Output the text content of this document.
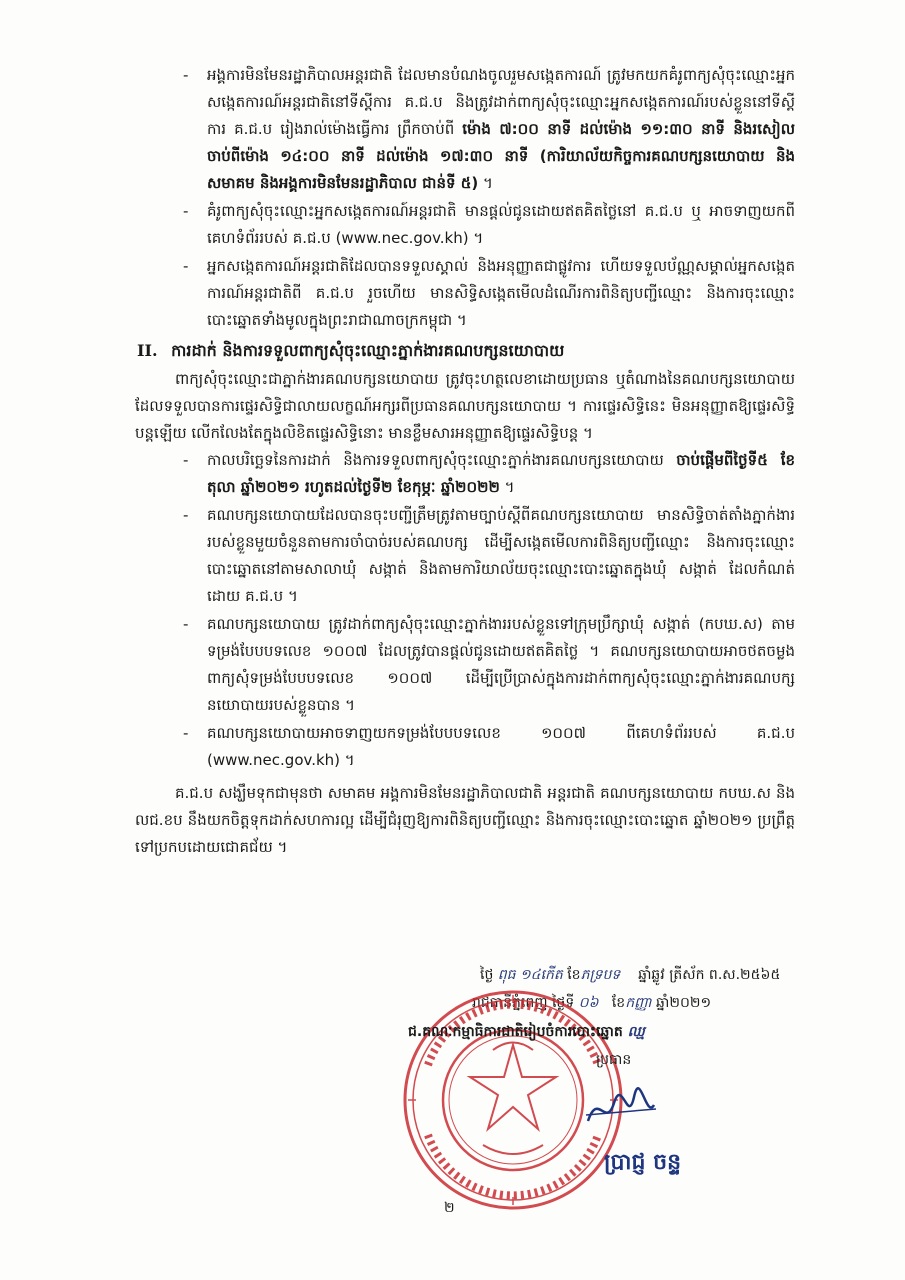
- អង្គការមិនមែនរដ្ឋាភិបាលអន្តរជាតិ ដែលមានបំណងចូលរួមសង្កេតការណ៍ ត្រូវមកយកគំរូពាក្យសុំចុះឈ្មោះអ្នកសង្កេតការណ៍អន្តរជាតិនៅទីស្តីការ គ.ជ.ប និងត្រូវដាក់ពាក្យសុំចុះឈ្មោះអ្នកសង្កេតការណ៍របស់ខ្លួននៅទីស្តីការ គ.ជ.ប រៀងរាល់ម៉ោងធ្វើការ ព្រឹកចាប់ពី ម៉ោង ៧:០០ នាទី ដល់ម៉ោង ១១:៣០ នាទី និងរសៀលចាប់ពីម៉ោង ១៤:០០ នាទី ដល់ម៉ោង ១៧:៣០ នាទី (ការិយាល័យកិច្ចការគណបក្សនយោបាយ និងសមាគម និងអង្គការមិនមែនរដ្ឋាភិបាល ជាន់ទី ៥) ។
- គំរូពាក្យសុំចុះឈ្មោះអ្នកសង្កេតការណ៍អន្តរជាតិ មានផ្តល់ជូនដោយឥតគិតថ្លៃនៅ គ.ជ.ប ឬ អាចទាញយកពីគេហទំព័ររបស់ គ.ជ.ប (www.nec.gov.kh) ។
- អ្នកសង្កេតការណ៍អន្តរជាតិដែលបានទទួលស្គាល់ និងអនុញ្ញាតជាផ្លូវការ ហើយទទួលប័ណ្ណសម្គាល់អ្នកសង្កេតការណ៍អន្តរជាតិពី គ.ជ.ប រួចហើយ មានសិទ្ធិសង្កេតមើលដំណើរការពិនិត្យបញ្ជីឈ្មោះ និងការចុះឈ្មោះបោះឆ្នោតទាំងមូលក្នុងព្រះរាជាណាចក្រកម្ពុជា ។
II. ការដាក់ និងការទទួលពាក្យសុំចុះឈ្មោះភ្នាក់ងារគណបក្សនយោបាយ
ពាក្យសុំចុះឈ្មោះជាភ្នាក់ងារគណបក្សនយោបាយ ត្រូវចុះហត្ថលេខាដោយប្រធាន ឬតំណាងនៃគណបក្សនយោបាយ ដែលទទួលបានការផ្ទេរសិទ្ធិជាលាយលក្ខណ៍អក្សរពីប្រធានគណបក្សនយោបាយ ។ ការផ្ទេរសិទ្ធិនេះ មិនអនុញ្ញាតឱ្យផ្ទេរសិទ្ធិបន្តឡើយ លើកលែងតែក្នុងលិខិតផ្ទេរសិទ្ធិនោះ មានខ្លឹមសារអនុញ្ញាតឱ្យផ្ទេរសិទ្ធិបន្ត ។
- កាលបរិច្ឆេទនៃការដាក់ និងការទទួលពាក្យសុំចុះឈ្មោះភ្នាក់ងារគណបក្សនយោបាយ ចាប់ផ្តើមពីថ្ងៃទី៥ ខែតុលា ឆ្នាំ២០២១ រហូតដល់ថ្ងៃទី២ ខែកុម្ភៈ ឆ្នាំ២០២២ ។
- គណបក្សនយោបាយដែលបានចុះបញ្ជីត្រឹមត្រូវតាមច្បាប់ស្តីពីគណបក្សនយោបាយ មានសិទ្ធិចាត់តាំងភ្នាក់ងាររបស់ខ្លួនមួយចំនួនតាមការចាំបាច់របស់គណបក្ស ដើម្បីសង្កេតមើលការពិនិត្យបញ្ជីឈ្មោះ និងការចុះឈ្មោះបោះឆ្នោតនៅតាមសាលាឃុំ សង្កាត់ និងតាមការិយាល័យចុះឈ្មោះបោះឆ្នោតក្នុងឃុំ សង្កាត់ ដែលកំណត់ដោយ គ.ជ.ប ។
- គណបក្សនយោបាយ ត្រូវដាក់ពាក្យសុំចុះឈ្មោះភ្នាក់ងាររបស់ខ្លួនទៅក្រុមប្រឹក្សាឃុំ សង្កាត់ (កបឃ.ស) តាមទម្រង់បែបបទលេខ ១០០៧ ដែលត្រូវបានផ្តល់ជូនដោយឥតគិតថ្លៃ ។ គណបក្សនយោបាយអាចថតចម្លងពាក្យសុំទម្រង់បែបបទលេខ ១០០៧ ដើម្បីប្រើប្រាស់ក្នុងការដាក់ពាក្យសុំចុះឈ្មោះភ្នាក់ងារគណបក្សនយោបាយរបស់ខ្លួនបាន ។
- គណបក្សនយោបាយអាចទាញយកទម្រង់បែបបទលេខ ១០០៧ ពីគេហទំព័ររបស់ គ.ជ.ប (www.nec.gov.kh) ។
គ.ជ.ប សង្ឃឹមទុកជាមុនថា សមាគម អង្គការមិនមែនរដ្ឋាភិបាលជាតិ អន្តរជាតិ គណបក្សនយោបាយ កបឃ.ស និង លជ.ខប នឹងយកចិត្តទុកដាក់សហការល្អ ដើម្បីជំរុញឱ្យការពិនិត្យបញ្ជីឈ្មោះ និងការចុះឈ្មោះបោះឆ្នោត ឆ្នាំ២០២១ ប្រព្រឹត្តទៅប្រកបដោយជោគជ័យ ។
ថ្ងៃ ពុធ ១៤កើត ខែភទ្របទ ឆ្នាំឆ្លូវ ត្រីស័ក ព.ស.២៥៦៥
រាជធានីភ្នំពេញ ថ្ងៃទី ០៦ ខែកញ្ញា ឆ្នាំ២០២១
ជ.គណៈកម្មាធិការជាតិរៀបចំការបោះឆ្នោត ឈ្ម
ប្រធាន
ប្រាជ្ញ ចន្ទ
២
